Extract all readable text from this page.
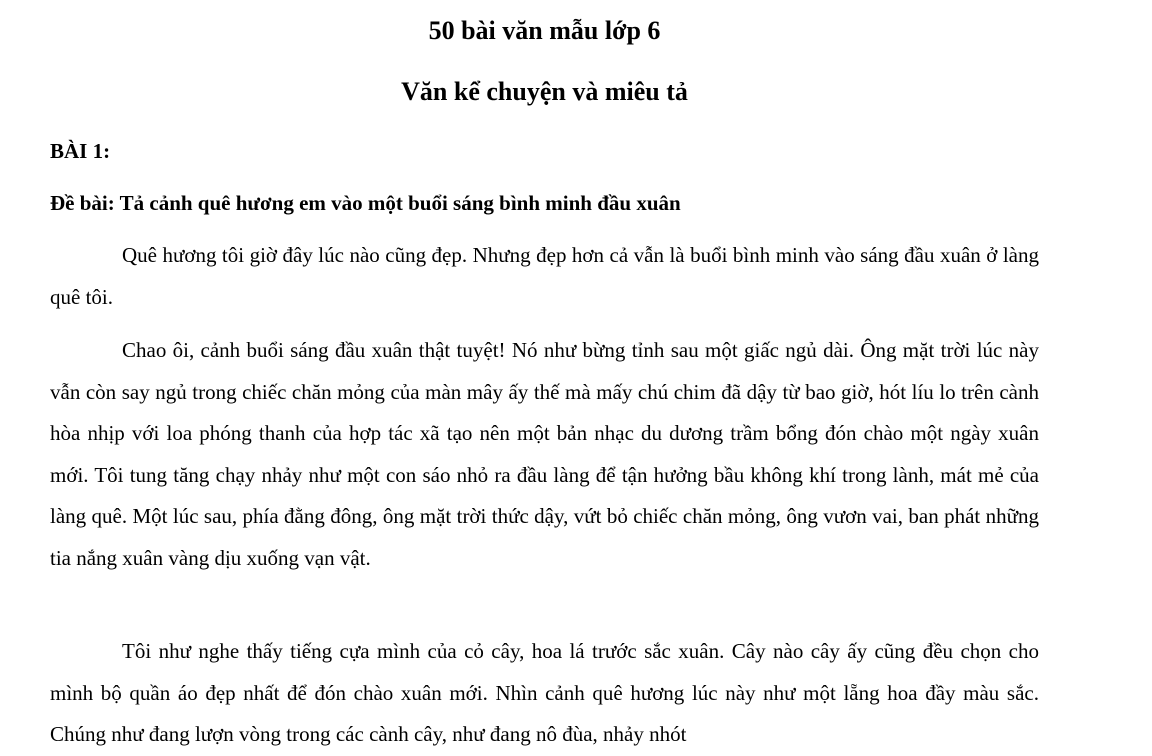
50 bài văn mẫu lớp 6
Văn kể chuyện và miêu tả
BÀI 1:
Đề bài: Tả cảnh quê hương em vào một buổi sáng bình minh đầu xuân

Quê hương tôi giờ đây lúc nào cũng đẹp. Nhưng đẹp hơn cả vẫn là buổi bình minh vào sáng đầu xuân ở làng quê tôi.

Chao ôi, cảnh buổi sáng đầu xuân thật tuyệt! Nó như bừng tỉnh sau một giấc ngủ dài. Ông mặt trời lúc này vẫn còn say ngủ trong chiếc chăn mỏng của màn mây ấy thế mà mấy chú chim đã dậy từ bao giờ, hót líu lo trên cành hòa nhịp với loa phóng thanh của hợp tác xã tạo nên một bản nhạc du dương trầm bổng đón chào một ngày xuân mới. Tôi tung tăng chạy nhảy như một con sáo nhỏ ra đầu làng để tận hưởng bầu không khí trong lành, mát mẻ của làng quê. Một lúc sau, phía đằng đông, ông mặt trời thức dậy, vứt bỏ chiếc chăn mỏng, ông vươn vai, ban phát những tia nắng xuân vàng dịu xuống vạn vật.

Tôi như nghe thấy tiếng cựa mình của cỏ cây, hoa lá trước sắc xuân. Cây nào cây ấy cũng đều chọn cho mình bộ quần áo đẹp nhất để đón chào xuân mới. Nhìn cảnh quê hương lúc này như một lẵng hoa đầy màu sắc. Chúng như đang lượn vòng trong các cành cây, như đang nô đùa, nhảy nhót
